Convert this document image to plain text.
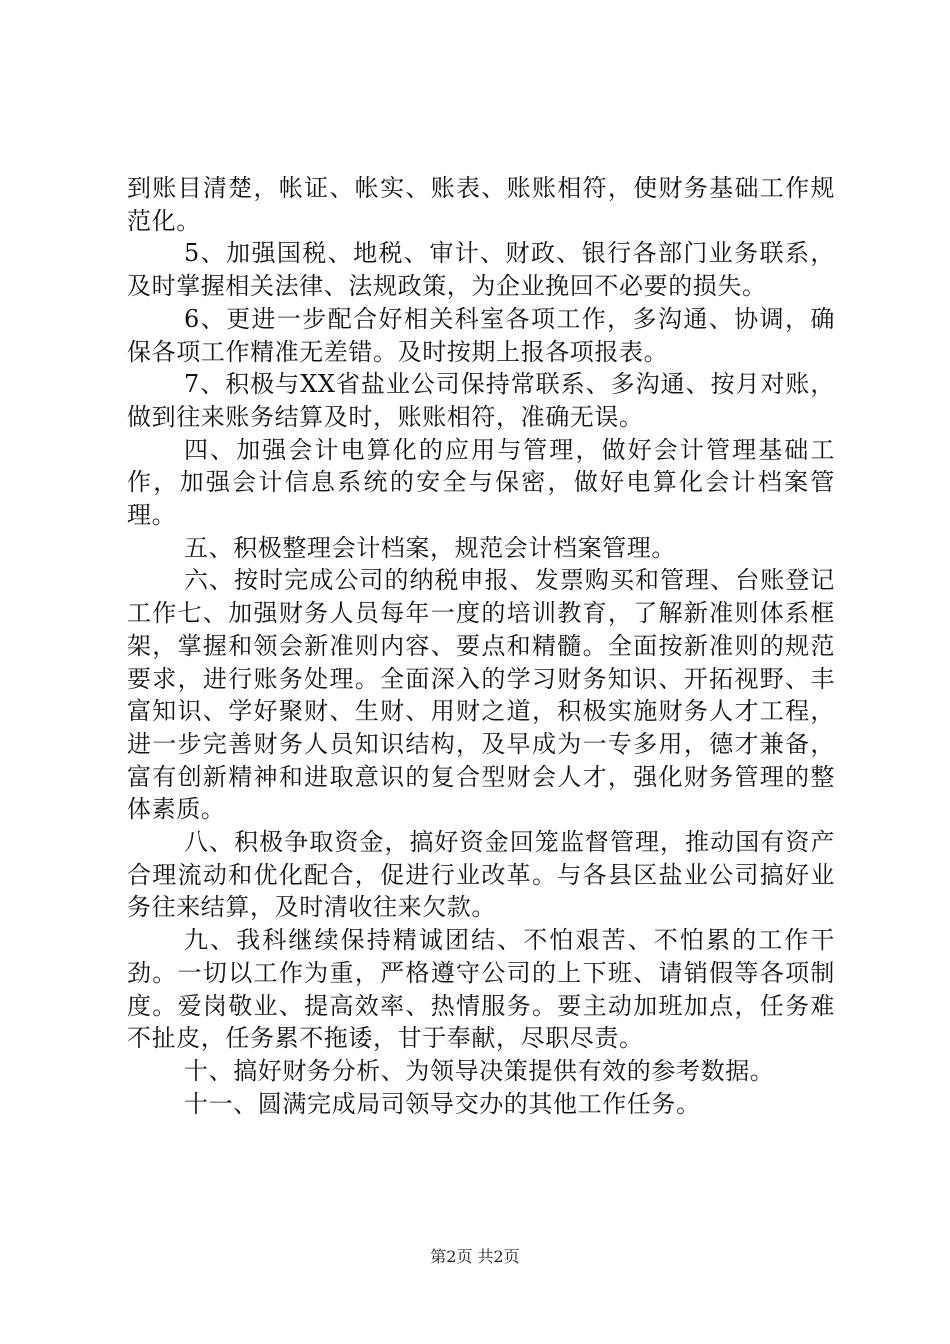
到账目清楚，帐证、帐实、账表、账账相符，使财务基础工作规范化。

5、加强国税、地税、审计、财政、银行各部门业务联系，及时掌握相关法律、法规政策，为企业挽回不必要的损失。

6、更进一步配合好相关科室各项工作，多沟通、协调，确保各项工作精准无差错。及时按期上报各项报表。

7、积极与XX省盐业公司保持常联系、多沟通、按月对账，做到往来账务结算及时，账账相符，准确无误。

四、加强会计电算化的应用与管理，做好会计管理基础工作，加强会计信息系统的安全与保密，做好电算化会计档案管理。

五、积极整理会计档案，规范会计档案管理。

六、按时完成公司的纳税申报、发票购买和管理、台账登记工作七、加强财务人员每年一度的培训教育，了解新准则体系框架，掌握和领会新准则内容、要点和精髓。全面按新准则的规范要求，进行账务处理。全面深入的学习财务知识、开拓视野、丰富知识、学好聚财、生财、用财之道，积极实施财务人才工程，进一步完善财务人员知识结构，及早成为一专多用，德才兼备，富有创新精神和进取意识的复合型财会人才，强化财务管理的整体素质。

八、积极争取资金，搞好资金回笼监督管理，推动国有资产合理流动和优化配合，促进行业改革。与各县区盐业公司搞好业务往来结算，及时清收往来欠款。

九、我科继续保持精诚团结、不怕艰苦、不怕累的工作干劲。一切以工作为重，严格遵守公司的上下班、请销假等各项制度。爱岗敬业、提高效率、热情服务。要主动加班加点，任务难不扯皮，任务累不拖诿，甘于奉献，尽职尽责。

十、搞好财务分析、为领导决策提供有效的参考数据。

十一、圆满完成局司领导交办的其他工作任务。

第2页 共2页
